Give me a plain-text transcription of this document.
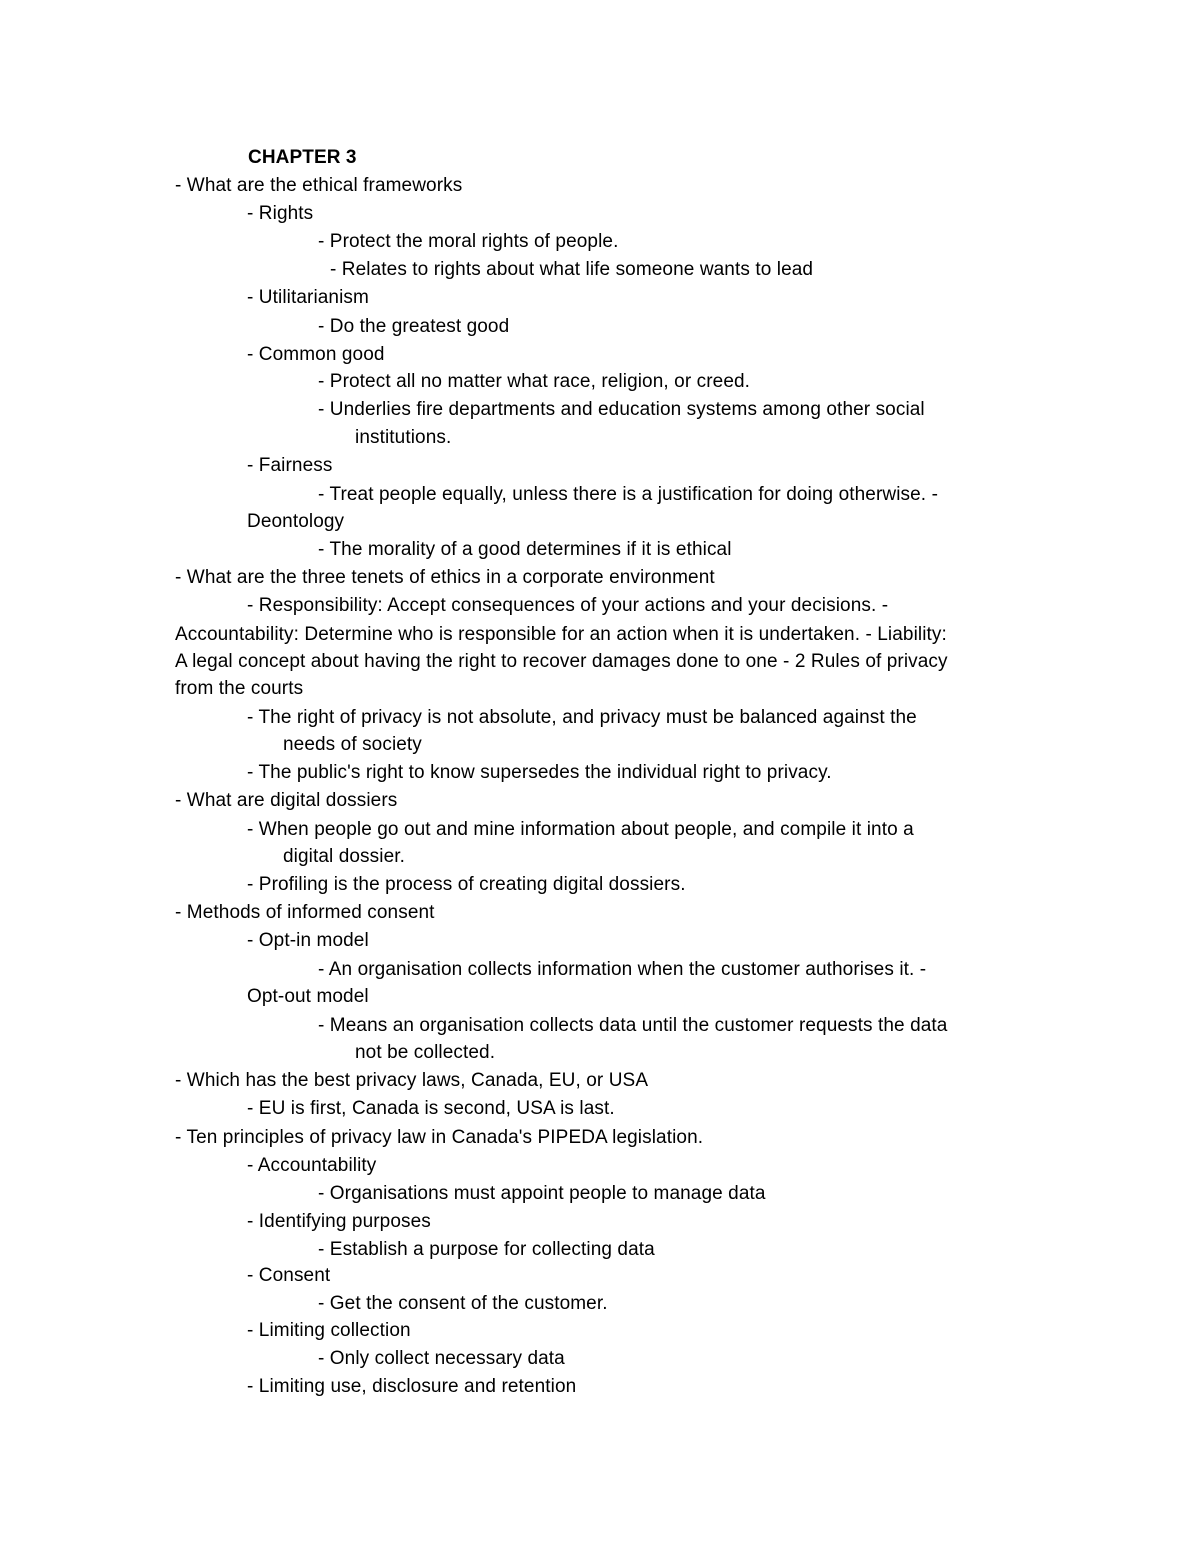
CHAPTER 3
- What are the ethical frameworks
- Rights
- Protect the moral rights of people.
- Relates to rights about what life someone wants to lead
- Utilitarianism
- Do the greatest good
- Common good
- Protect all no matter what race, religion, or creed.
- Underlies fire departments and education systems among other social
institutions.
- Fairness
- Treat people equally, unless there is a justification for doing otherwise. -
Deontology
- The morality of a good determines if it is ethical
- What are the three tenets of ethics in a corporate environment
- Responsibility: Accept consequences of your actions and your decisions. -
Accountability: Determine who is responsible for an action when it is undertaken. - Liability:
A legal concept about having the right to recover damages done to one - 2 Rules of privacy
from the courts
- The right of privacy is not absolute, and privacy must be balanced against the
needs of society
- The public's right to know supersedes the individual right to privacy.
- What are digital dossiers
- When people go out and mine information about people, and compile it into a
digital dossier.
- Profiling is the process of creating digital dossiers.
- Methods of informed consent
- Opt-in model
- An organisation collects information when the customer authorises it. -
Opt-out model
- Means an organisation collects data until the customer requests the data
not be collected.
- Which has the best privacy laws, Canada, EU, or USA
- EU is first, Canada is second, USA is last.
- Ten principles of privacy law in Canada's PIPEDA legislation.
- Accountability
- Organisations must appoint people to manage data
- Identifying purposes
- Establish a purpose for collecting data
- Consent
- Get the consent of the customer.
- Limiting collection
- Only collect necessary data
- Limiting use, disclosure and retention
